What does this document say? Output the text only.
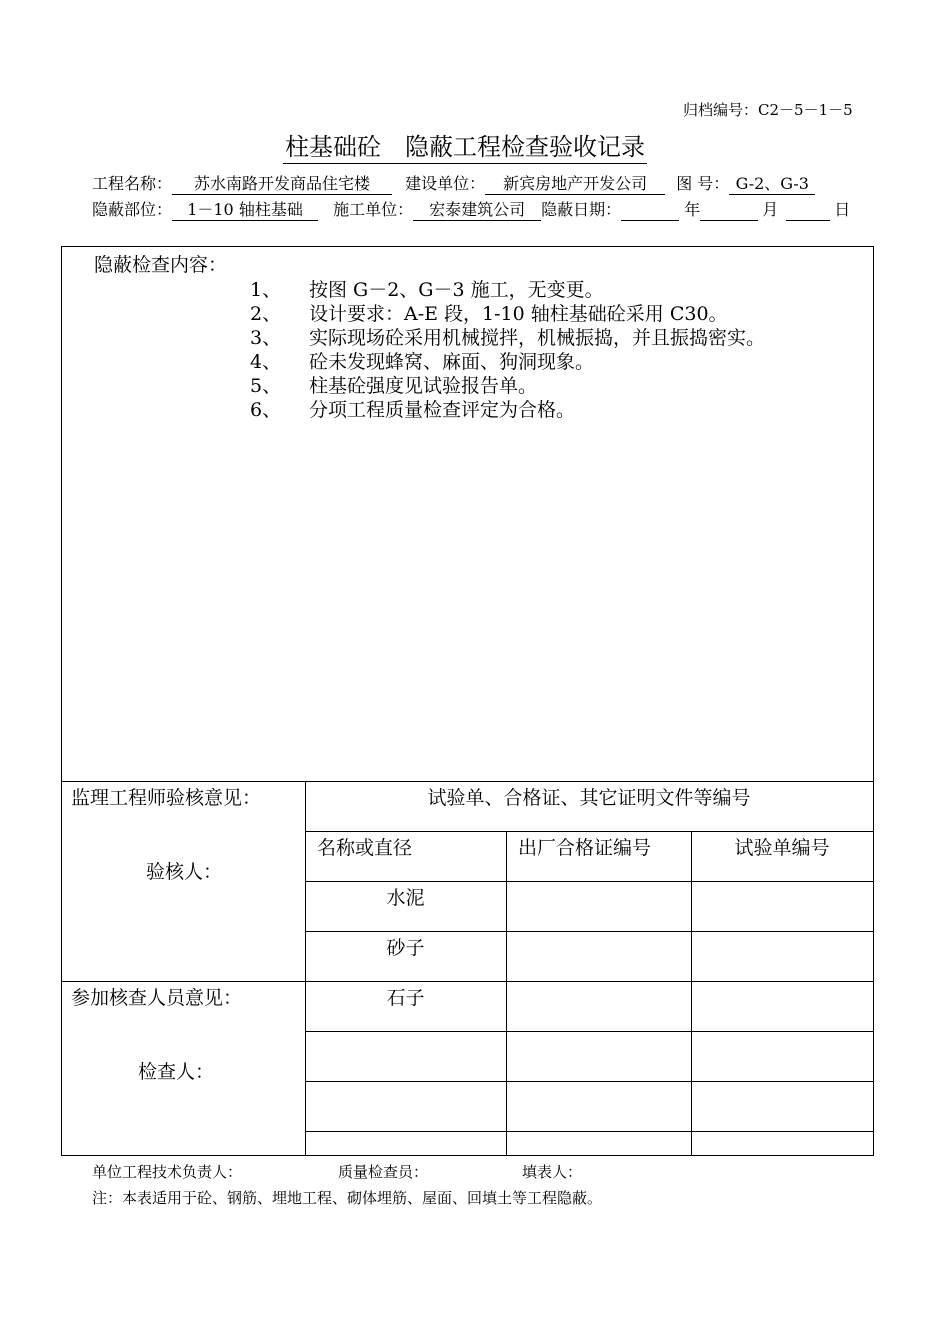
归档编号：C2－5－1－5
柱基础砼　隐蔽工程检查验收记录
工程名称： 苏水南路开发商品住宅楼 建设单位： 新宾房地产开发公司 图 号： G-2、G-3
隐蔽部位： 1－10 轴柱基础 施工单位： 宏泰建筑公司 隐蔽日期：	年	月	日
隐蔽检查内容：
1、 按图 G－2、G－3 施工，无变更。
2、 设计要求：A-E 段，1-10 轴柱基础砼采用 C30。
3、 实际现场砼采用机械搅拌，机械振捣，并且振捣密实。
4、 砼未发现蜂窝、麻面、狗洞现象。
5、 柱基砼强度见试验报告单。
6、 分项工程质量检查评定为合格。
监理工程师验核意见：
验核人：
参加核查人员意见：
检查人：
试验单、合格证、其它证明文件等编号
名称或直径	出厂合格证编号	试验单编号
水泥
砂子
石子
单位工程技术负责人：	质量检查员：	填表人：
注：本表适用于砼、钢筋、埋地工程、砌体埋筋、屋面、回填土等工程隐蔽。
